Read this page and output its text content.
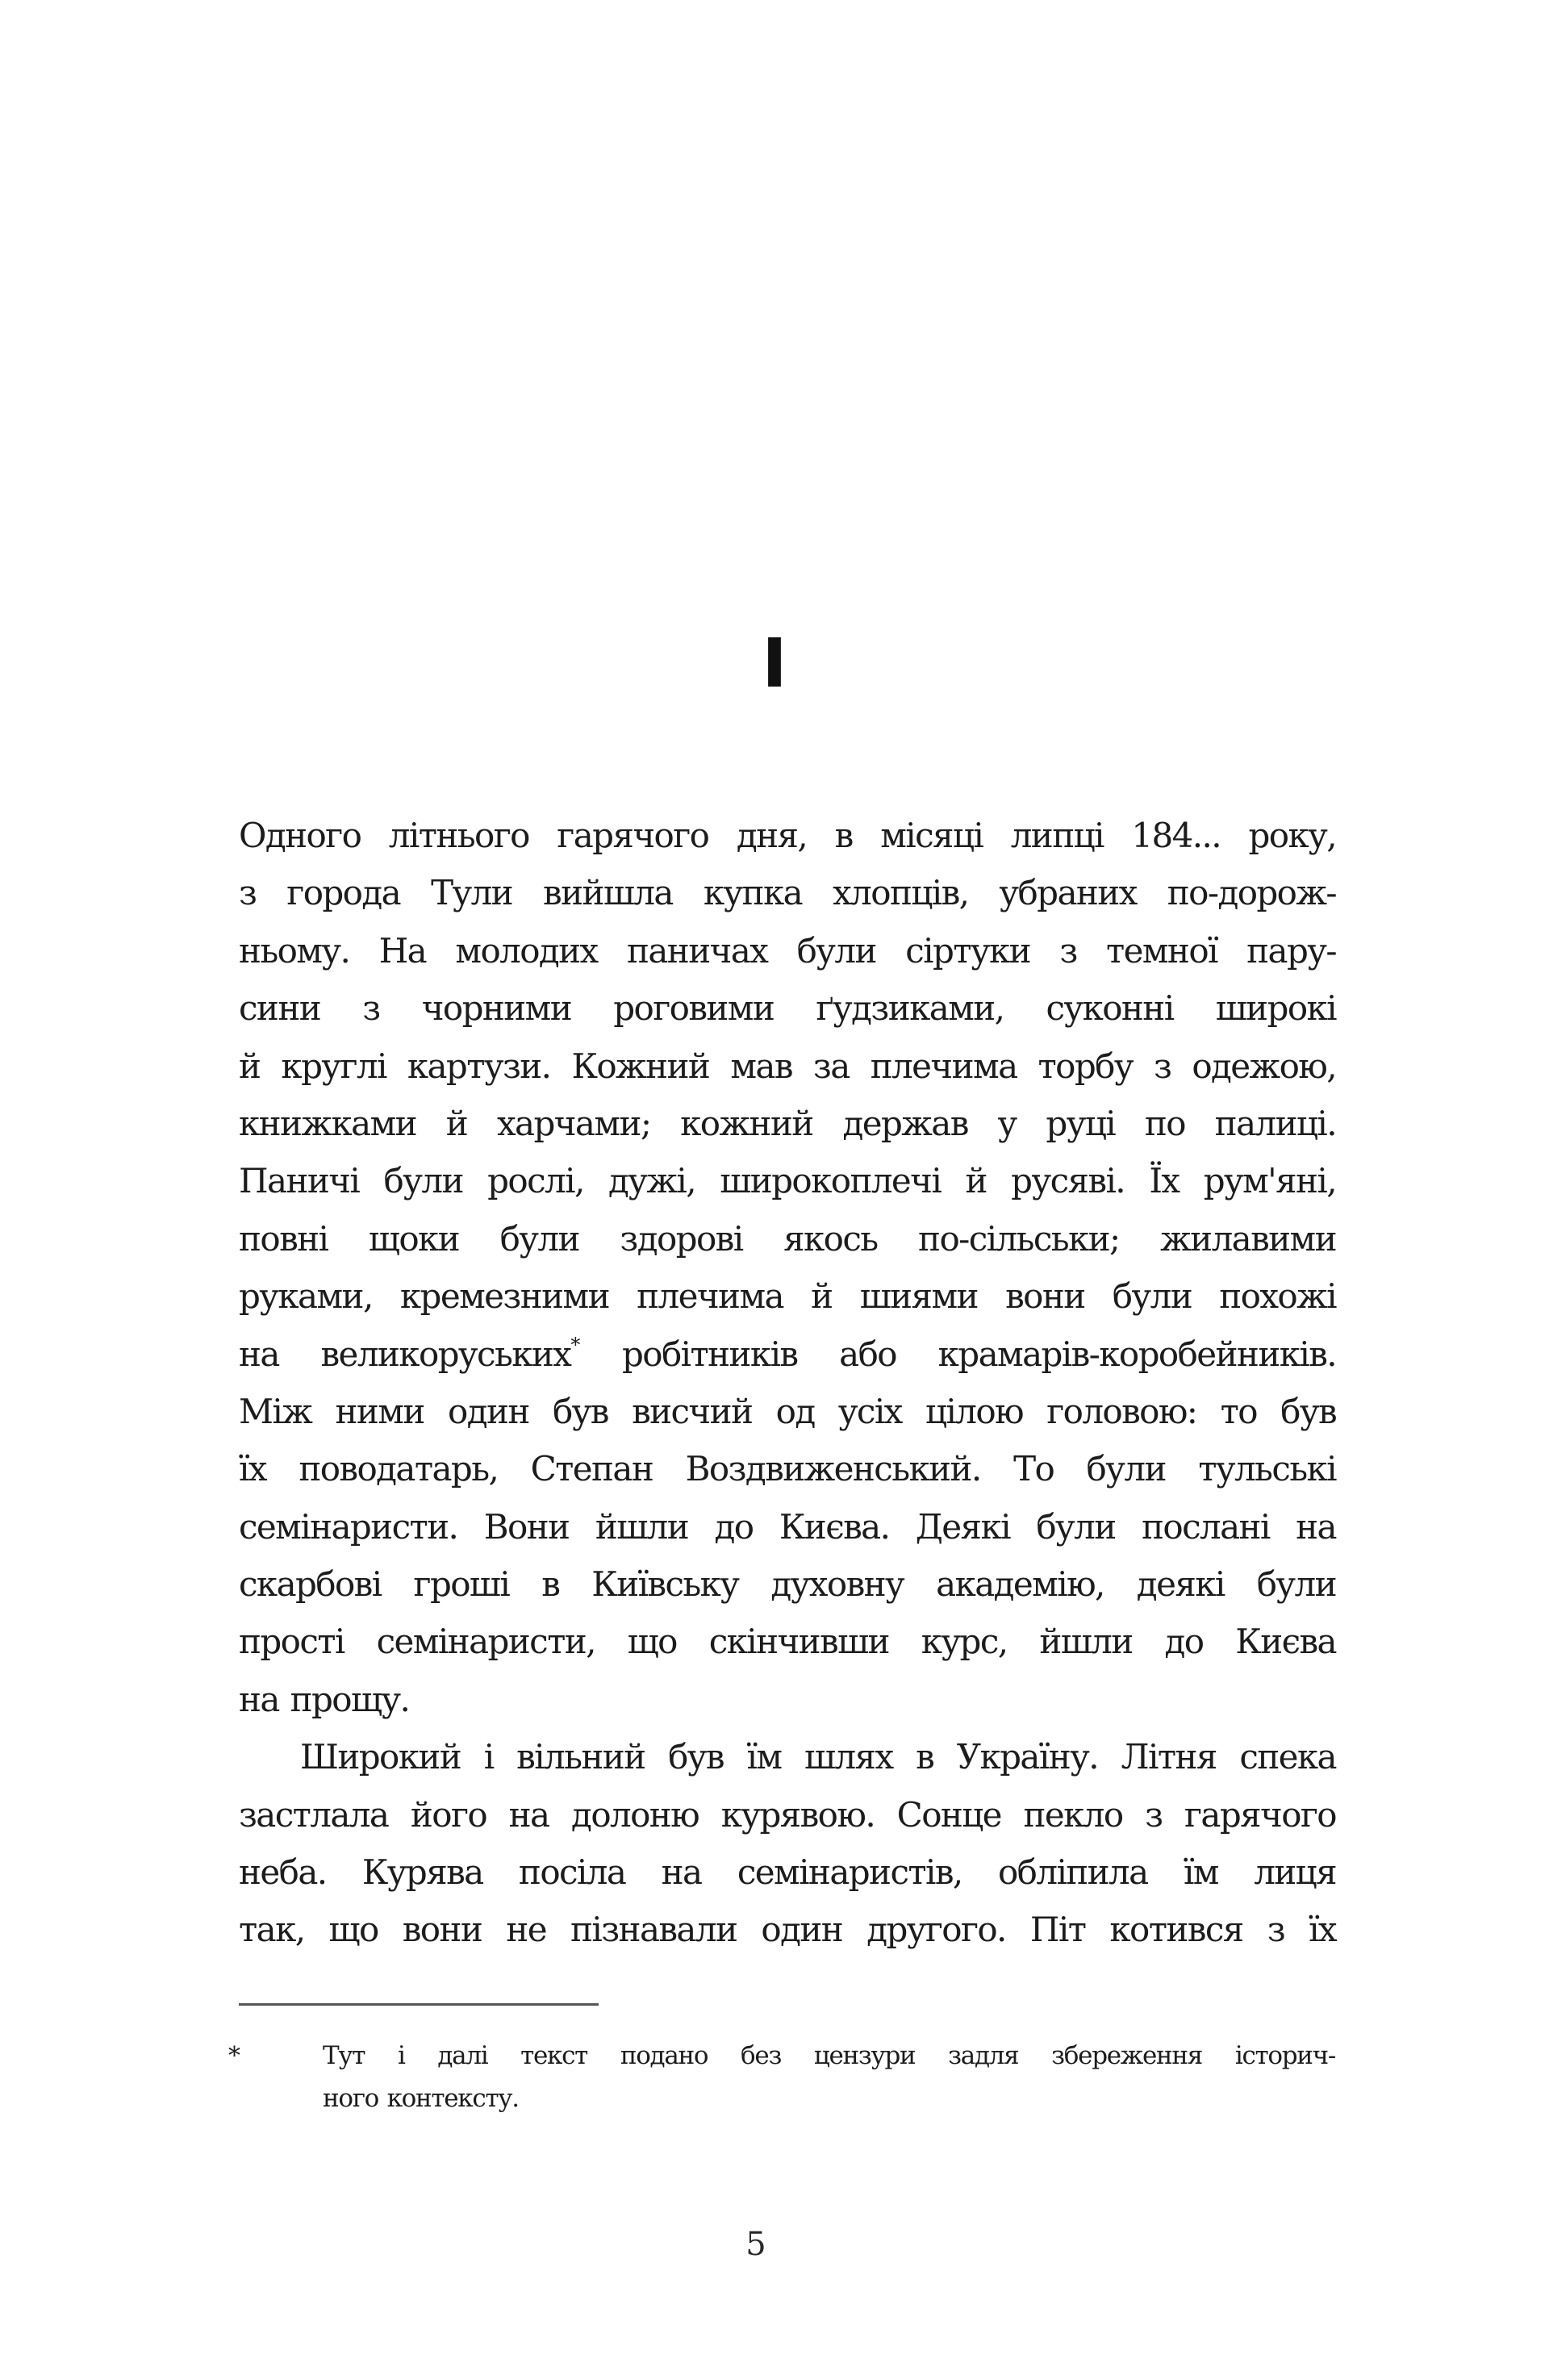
I
Одного літнього гарячого дня, в місяці липці 184... року,
з города Тули вийшла купка хлопців, убраних по-дорож-
ньому. На молодих паничах були сіртуки з темної пару-
сини з чорними роговими ґудзиками, суконні широкі
й круглі картузи. Кожний мав за плечима торбу з одежою,
книжками й харчами; кожний держав у руці по палиці.
Паничі були рослі, дужі, широкоплечі й русяві. Їх рум'яні,
повні щоки були здорові якось по-сільськи; жилавими
руками, кремезними плечима й шиями вони були похожі
на великоруських* робітників або крамарів-коробейників.
Між ними один був висчий од усіх цілою головою: то був
їх поводатарь, Степан Воздвиженський. То були тульські
семінаристи. Вони йшли до Києва. Деякі були послані на
скарбові гроші в Київську духовну академію, деякі були
прості семінаристи, що скінчивши курс, йшли до Києва
на прощу.
Широкий і вільний був їм шлях в Україну. Літня спека
застлала його на долоню курявою. Сонце пекло з гарячого
неба. Курява посіла на семінаристів, обліпила їм лиця
так, що вони не пізнавали один другого. Піт котився з їх
*	Тут і далі текст подано без цензури задля збереження історич-
ного контексту.
5
